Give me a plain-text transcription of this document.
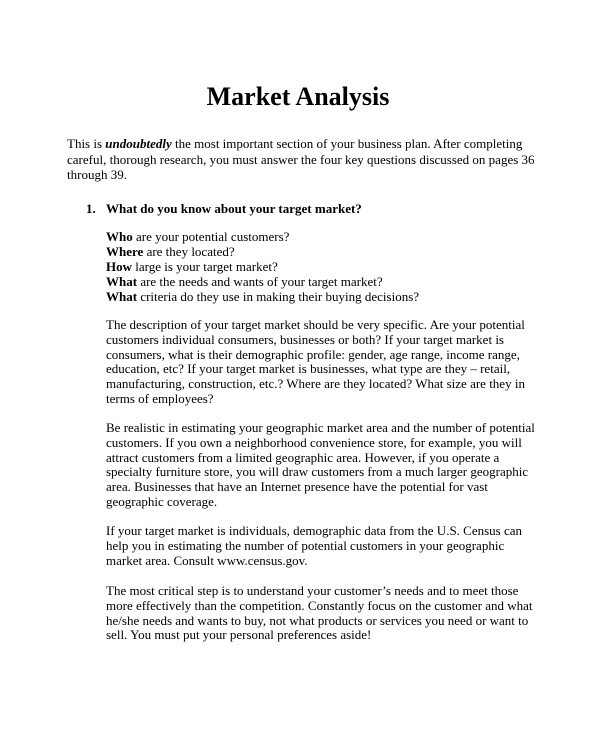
Market Analysis

This is undoubtedly the most important section of your business plan. After completing careful, thorough research, you must answer the four key questions discussed on pages 36 through 39.

1. What do you know about your target market?

Who are your potential customers?
Where are they located?
How large is your target market?
What are the needs and wants of your target market?
What criteria do they use in making their buying decisions?

The description of your target market should be very specific. Are your potential customers individual consumers, businesses or both? If your target market is consumers, what is their demographic profile: gender, age range, income range, education, etc? If your target market is businesses, what type are they – retail, manufacturing, construction, etc.? Where are they located? What size are they in terms of employees?

Be realistic in estimating your geographic market area and the number of potential customers. If you own a neighborhood convenience store, for example, you will attract customers from a limited geographic area. However, if you operate a specialty furniture store, you will draw customers from a much larger geographic area. Businesses that have an Internet presence have the potential for vast geographic coverage.

If your target market is individuals, demographic data from the U.S. Census can help you in estimating the number of potential customers in your geographic market area. Consult www.census.gov.

The most critical step is to understand your customer’s needs and to meet those more effectively than the competition. Constantly focus on the customer and what he/she needs and wants to buy, not what products or services you need or want to sell. You must put your personal preferences aside!
